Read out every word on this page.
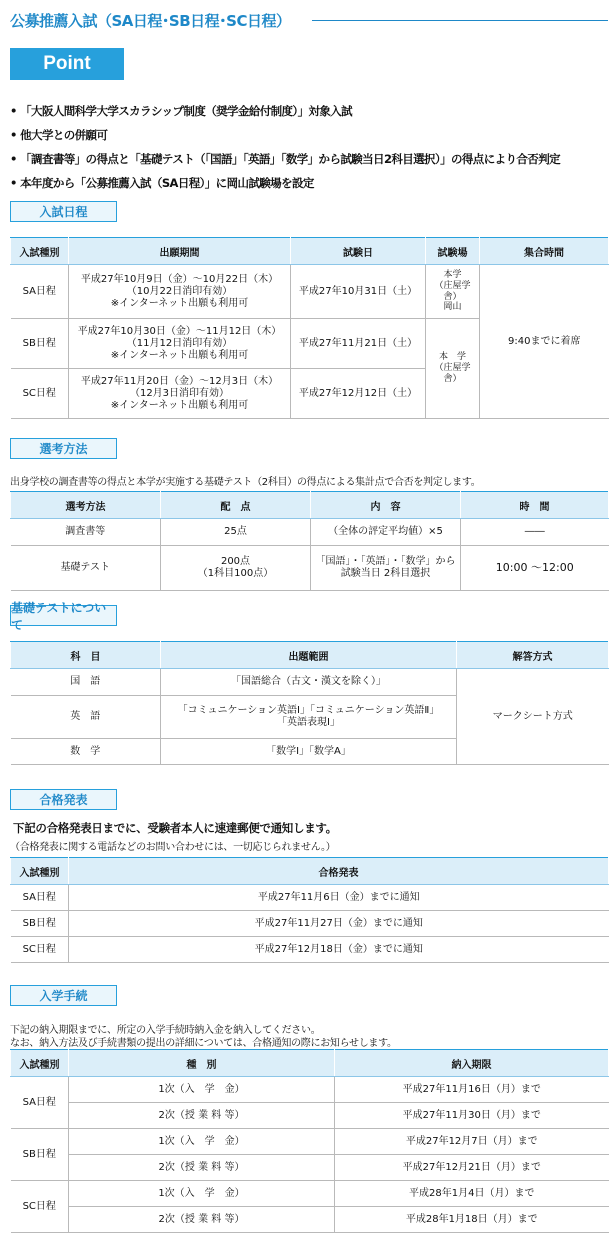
公募推薦入試（SA日程･SB日程･SC日程）
Point
• 「大阪人間科学大学スカラシップ制度（奨学金給付制度）」対象入試
• 他大学との併願可
• 「調査書等」の得点と「基礎テスト（「国語」「英語」「数学」から試験当日2科目選択）」の得点により合否判定
• 本年度から「公募推薦入試（SA日程）」に岡山試験場を設定
入試日程
入試種別	出願期間	試験日	試験場	集合時間
SA日程	平成27年10月9日（金）～10月22日（木）
（10月22日消印有効）
※インターネット出願も利用可	平成27年10月31日（土）	本学
（庄屋学舎）
岡山	9:40までに着席
SB日程	平成27年10月30日（金）～11月12日（木）
（11月12日消印有効）
※インターネット出願も利用可	平成27年11月21日（土）	本　学
（庄屋学舎）	
SC日程	平成27年11月20日（金）～12月3日（木）
（12月3日消印有効）
※インターネット出願も利用可	平成27年12月12日（土）		
選考方法
出身学校の調査書等の得点と本学が実施する基礎テスト（2科目）の得点による集計点で合否を判定します。
選考方法	配　点	内　容	時　間
調査書等	25点	（全体の評定平均値）×5	――
基礎テスト	200点
（1科目100点）	「国語」・「英語」・「数学」から
試験当日 2科目選択	10:00 ～12:00
基礎テストについて
科　目	出題範囲	解答方式
国　語	「国語総合（古文・漢文を除く）」	マークシート方式
英　語	「コミュニケーション英語Ⅰ」「コミュニケーション英語Ⅱ」
「英語表現Ⅰ」	
数　学	「数学Ⅰ」「数学A」	
合格発表
下記の合格発表日までに、受験者本人に速達郵便で通知します。
（合格発表に関する電話などのお問い合わせには、一切応じられません。）
入試種別	合格発表
SA日程	平成27年11月6日（金）までに通知
SB日程	平成27年11月27日（金）までに通知
SC日程	平成27年12月18日（金）までに通知
入学手続
下記の納入期限までに、所定の入学手続時納入金を納入してください。
なお、納入方法及び手続書類の提出の詳細については、合格通知の際にお知らせします。
入試種別	種　別	納入期限
SA日程	1次（入　学　金）	平成27年11月16日（月）まで
	2次（授 業 料 等）	平成27年11月30日（月）まで
SB日程	1次（入　学　金）	平成27年12月7日（月）まで
	2次（授 業 料 等）	平成27年12月21日（月）まで
SC日程	1次（入　学　金）	平成28年1月4日（月）まで
	2次（授 業 料 等）	平成28年1月18日（月）まで
